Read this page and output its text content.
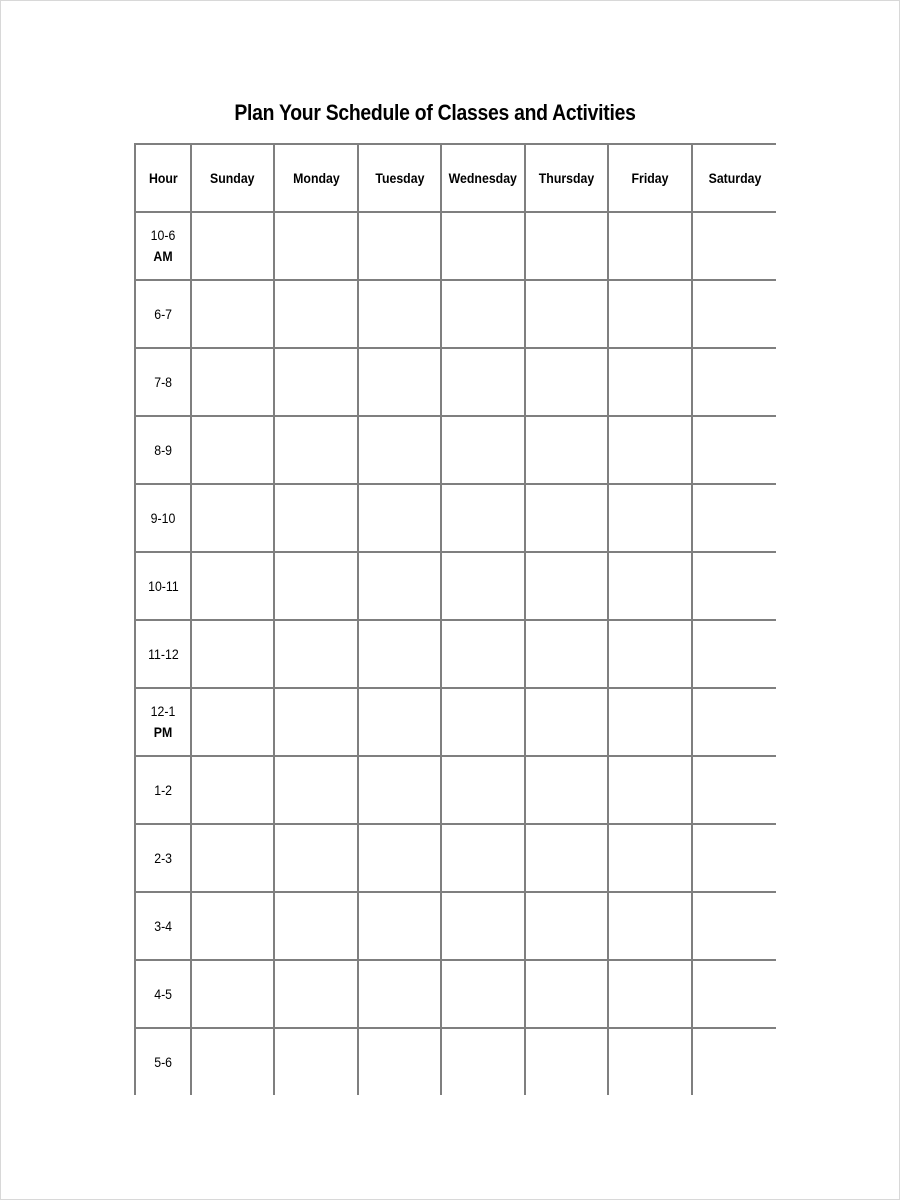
Plan Your Schedule of Classes and Activities
Hour	Sunday	Monday	Tuesday	Wednesday	Thursday	Friday	Saturday

10-6
AM							

6-7							

7-8							

8-9							

9-10							

10-11							

11-12							

12-1
PM							

1-2							

2-3							

3-4							

4-5							

5-6							
